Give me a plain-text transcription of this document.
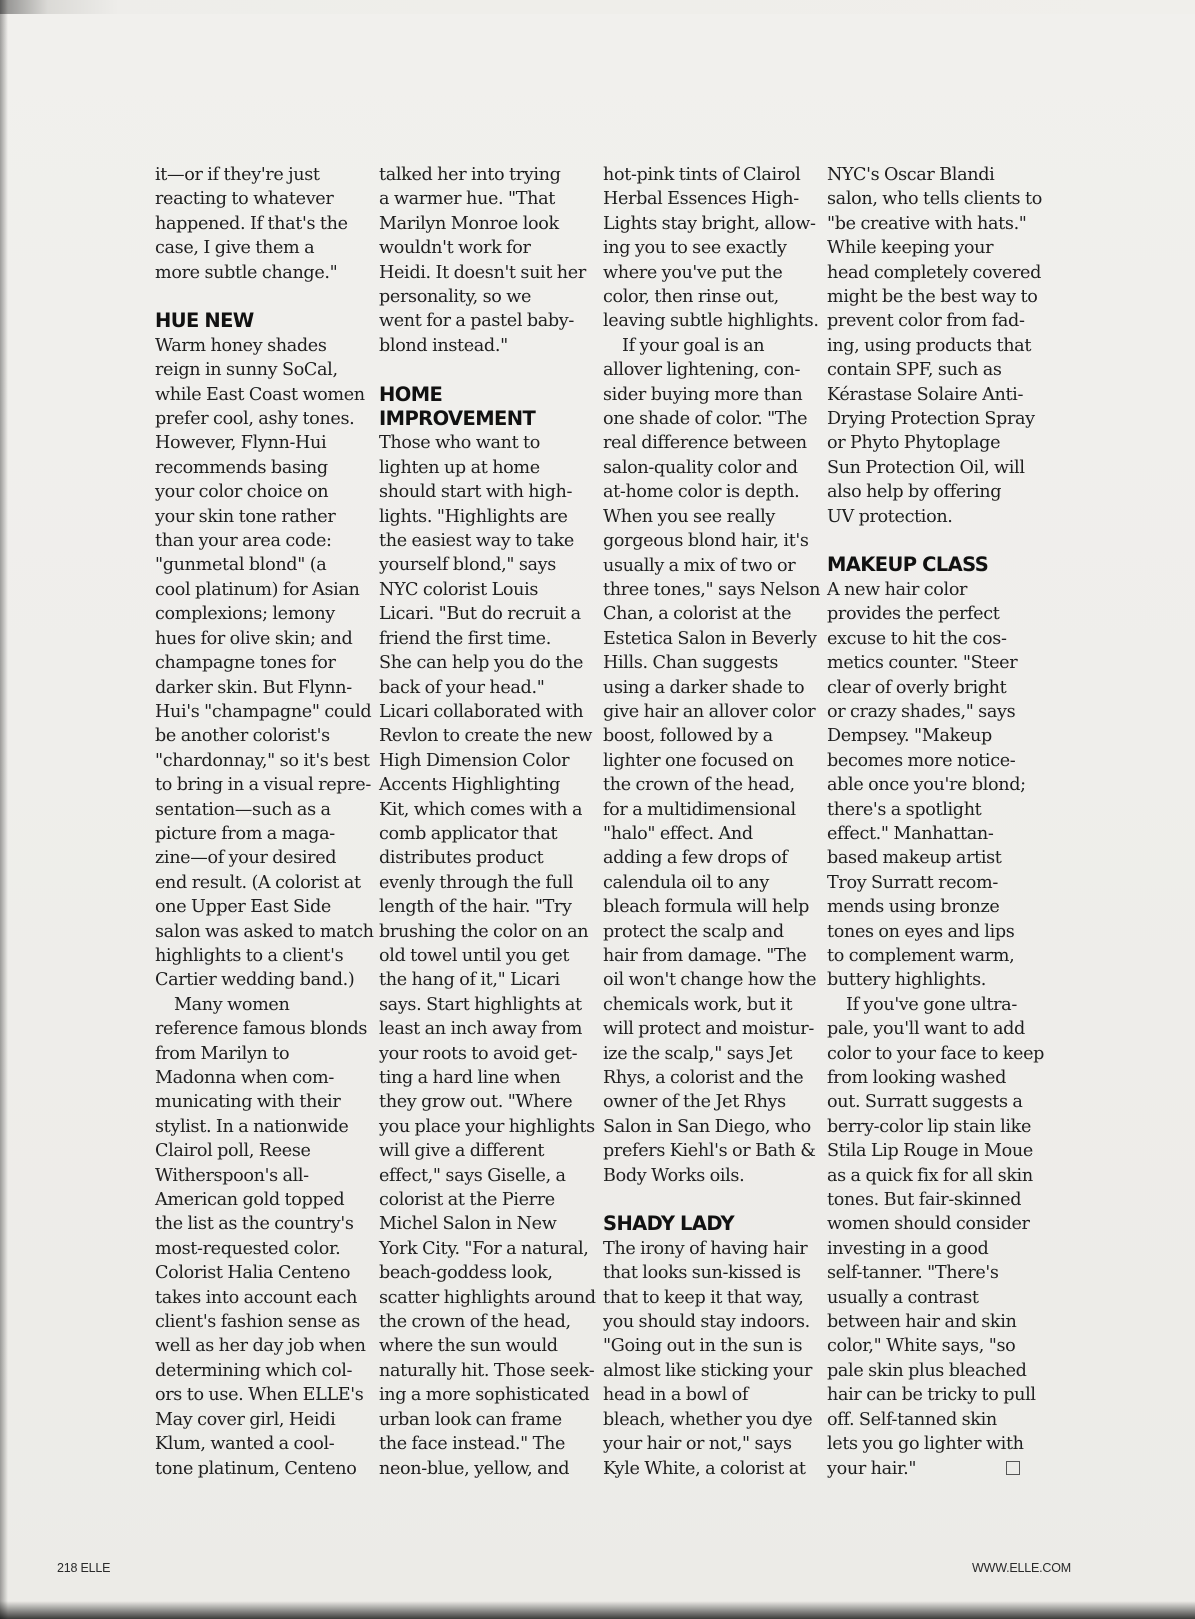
it—or if they're just

reacting to whatever

happened. If that's the

case, I give them a

more subtle change."

HUE NEW

Warm honey shades

reign in sunny SoCal,

while East Coast women

prefer cool, ashy tones.

However, Flynn-Hui

recommends basing

your color choice on

your skin tone rather

than your area code:

"gunmetal blond" (a

cool platinum) for Asian

complexions; lemony

hues for olive skin; and

champagne tones for

darker skin. But Flynn-

Hui's "champagne" could

be another colorist's

"chardonnay," so it's best

to bring in a visual repre-

sentation—such as a

picture from a maga-

zine—of your desired

end result. (A colorist at

one Upper East Side

salon was asked to match

highlights to a client's

Cartier wedding band.)

Many women

reference famous blonds

from Marilyn to

Madonna when com-

municating with their

stylist. In a nationwide

Clairol poll, Reese

Witherspoon's all-

American gold topped

the list as the country's

most-requested color.

Colorist Halia Centeno

takes into account each

client's fashion sense as

well as her day job when

determining which col-

ors to use. When ELLE's

May cover girl, Heidi

Klum, wanted a cool-

tone platinum, Centeno

talked her into trying

a warmer hue. "That

Marilyn Monroe look

wouldn't work for

Heidi. It doesn't suit her

personality, so we

went for a pastel baby-

blond instead."

HOME
IMPROVEMENT

Those who want to

lighten up at home

should start with high-

lights. "Highlights are

the easiest way to take

yourself blond," says

NYC colorist Louis

Licari. "But do recruit a

friend the first time.

She can help you do the

back of your head."

Licari collaborated with

Revlon to create the new

High Dimension Color

Accents Highlighting

Kit, which comes with a

comb applicator that

distributes product

evenly through the full

length of the hair. "Try

brushing the color on an

old towel until you get

the hang of it," Licari

says. Start highlights at

least an inch away from

your roots to avoid get-

ting a hard line when

they grow out. "Where

you place your highlights

will give a different

effect," says Giselle, a

colorist at the Pierre

Michel Salon in New

York City. "For a natural,

beach-goddess look,

scatter highlights around

the crown of the head,

where the sun would

naturally hit. Those seek-

ing a more sophisticated

urban look can frame

the face instead." The

neon-blue, yellow, and

hot-pink tints of Clairol

Herbal Essences High-

Lights stay bright, allow-

ing you to see exactly

where you've put the

color, then rinse out,

leaving subtle highlights.

If your goal is an

allover lightening, con-

sider buying more than

one shade of color. "The

real difference between

salon-quality color and

at-home color is depth.

When you see really

gorgeous blond hair, it's

usually a mix of two or

three tones," says Nelson

Chan, a colorist at the

Estetica Salon in Beverly

Hills. Chan suggests

using a darker shade to

give hair an allover color

boost, followed by a

lighter one focused on

the crown of the head,

for a multidimensional

"halo" effect. And

adding a few drops of

calendula oil to any

bleach formula will help

protect the scalp and

hair from damage. "The

oil won't change how the

chemicals work, but it

will protect and moistur-

ize the scalp," says Jet

Rhys, a colorist and the

owner of the Jet Rhys

Salon in San Diego, who

prefers Kiehl's or Bath &

Body Works oils.

SHADY LADY

The irony of having hair

that looks sun-kissed is

that to keep it that way,

you should stay indoors.

"Going out in the sun is

almost like sticking your

head in a bowl of

bleach, whether you dye

your hair or not," says

Kyle White, a colorist at

NYC's Oscar Blandi

salon, who tells clients to

"be creative with hats."

While keeping your

head completely covered

might be the best way to

prevent color from fad-

ing, using products that

contain SPF, such as

Kérastase Solaire Anti-

Drying Protection Spray

or Phyto Phytoplage

Sun Protection Oil, will

also help by offering

UV protection.

MAKEUP CLASS

A new hair color

provides the perfect

excuse to hit the cos-

metics counter. "Steer

clear of overly bright

or crazy shades," says

Dempsey. "Makeup

becomes more notice-

able once you're blond;

there's a spotlight

effect." Manhattan-

based makeup artist

Troy Surratt recom-

mends using bronze

tones on eyes and lips

to complement warm,

buttery highlights.

If you've gone ultra-

pale, you'll want to add

color to your face to keep

from looking washed

out. Surratt suggests a

berry-color lip stain like

Stila Lip Rouge in Moue

as a quick fix for all skin

tones. But fair-skinned

women should consider

investing in a good

self-tanner. "There's

usually a contrast

between hair and skin

color," White says, "so

pale skin plus bleached

hair can be tricky to pull

off. Self-tanned skin

lets you go lighter with

your hair."

218 ELLE	WWW.ELLE.COM
